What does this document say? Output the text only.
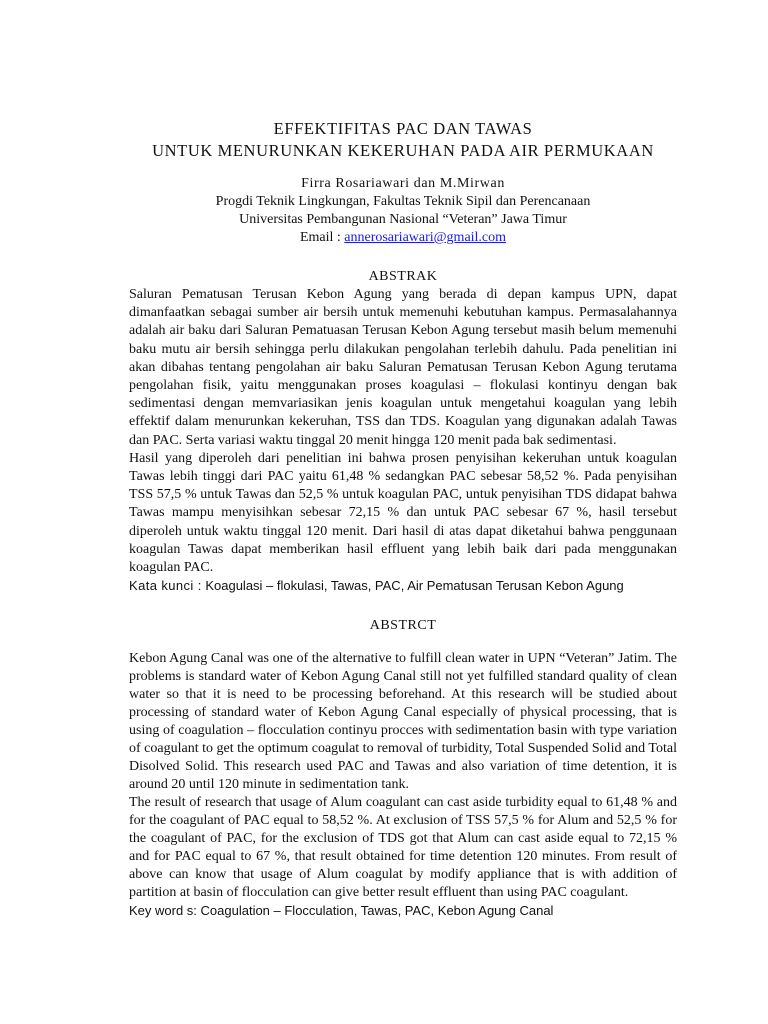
EFFEKTIFITAS PAC DAN TAWAS
UNTUK MENURUNKAN KEKERUHAN PADA AIR PERMUKAAN
Firra Rosariawari dan M.Mirwan
Progdi Teknik Lingkungan, Fakultas Teknik Sipil dan Perencanaan
Universitas Pembangunan Nasional “Veteran” Jawa Timur
Email : annerosariawari@gmail.com
ABSTRAK

Saluran Pematusan Terusan Kebon Agung yang berada di depan kampus UPN, dapat dimanfaatkan sebagai sumber air bersih untuk memenuhi kebutuhan kampus. Permasalahannya adalah air baku dari Saluran Pematuasan Terusan Kebon Agung tersebut masih belum memenuhi baku mutu air bersih sehingga perlu dilakukan pengolahan terlebih dahulu. Pada penelitian ini akan dibahas tentang pengolahan air baku Saluran Pematusan Terusan Kebon Agung terutama pengolahan fisik, yaitu menggunakan proses koagulasi – flokulasi kontinyu dengan bak sedimentasi dengan memvariasikan jenis koagulan untuk mengetahui koagulan yang lebih effektif dalam menurunkan kekeruhan, TSS dan TDS. Koagulan yang digunakan adalah Tawas dan PAC. Serta variasi waktu tinggal 20 menit hingga 120 menit pada bak sedimentasi.

Hasil yang diperoleh dari penelitian ini bahwa prosen penyisihan kekeruhan untuk koagulan Tawas lebih tinggi dari PAC yaitu 61,48 % sedangkan PAC sebesar 58,52 %. Pada penyisihan TSS 57,5 % untuk Tawas dan 52,5 % untuk koagulan PAC, untuk penyisihan TDS didapat bahwa Tawas mampu menyisihkan sebesar 72,15 % dan untuk PAC sebesar 67 %, hasil tersebut diperoleh untuk waktu tinggal 120 menit. Dari hasil di atas dapat diketahui bahwa penggunaan koagulan Tawas dapat memberikan hasil effluent yang lebih baik dari pada menggunakan koagulan PAC.

Kata kunci : Koagulasi – flokulasi, Tawas, PAC, Air Pematusan Terusan Kebon Agung

ABSTRCT

Kebon Agung Canal was one of the alternative to fulfill clean water in UPN “Veteran” Jatim. The problems is standard water of Kebon Agung Canal still not yet fulfilled standard quality of clean water so that it is need to be processing beforehand. At this research will be studied about processing of standard water of Kebon Agung Canal especially of physical processing, that is using of coagulation – flocculation continyu procces with sedimentation basin with type variation of coagulant to get the optimum coagulat to removal of turbidity, Total Suspended Solid and Total Disolved Solid. This research used PAC and Tawas and also variation of time detention, it is around 20 until 120 minute in sedimentation tank.

The result of research that usage of Alum coagulant can cast aside turbidity equal to 61,48 % and for the coagulant of PAC equal to 58,52 %. At exclusion of TSS 57,5 % for Alum and 52,5 % for the coagulant of PAC, for the exclusion of TDS got that Alum can cast aside equal to 72,15 % and for PAC equal to 67 %, that result obtained for time detention 120 minutes. From result of above can know that usage of Alum coagulat by modify appliance that is with addition of partition at basin of flocculation can give better result effluent than using PAC coagulant.

Key word s: Coagulation – Flocculation, Tawas, PAC, Kebon Agung Canal
